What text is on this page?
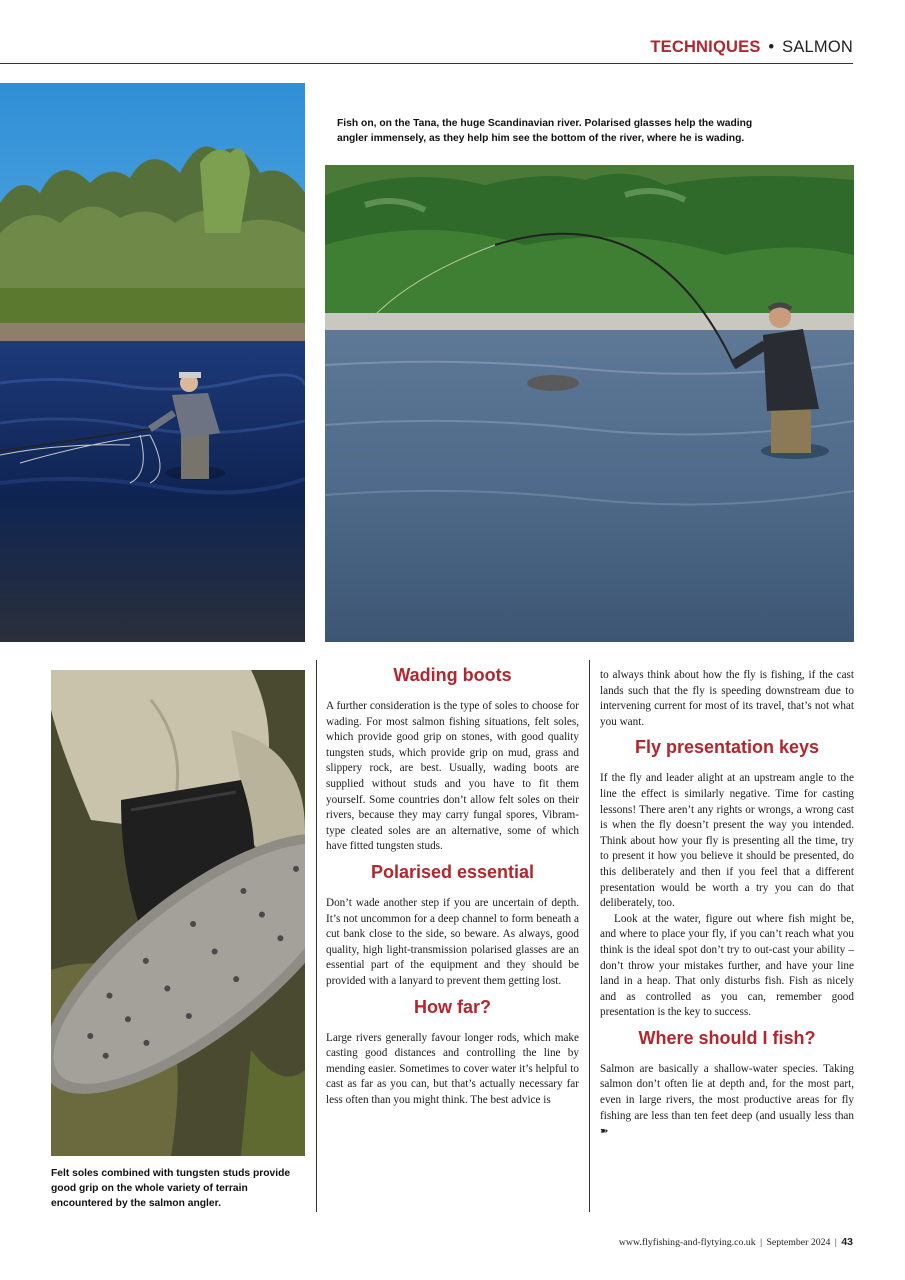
TECHNIQUES • SALMON
Fish on, on the Tana, the huge Scandinavian river. Polarised glasses help the wading angler immensely, as they help him see the bottom of the river, where he is wading.
Felt soles combined with tungsten studs provide good grip on the whole variety of terrain encountered by the salmon angler.
Wading boots

A further consideration is the type of soles to choose for wading. For most salmon fishing situations, felt soles, which provide good grip on stones, with good quality tungsten studs, which provide grip on mud, grass and slippery rock, are best. Usually, wading boots are supplied without studs and you have to fit them yourself. Some countries don’t allow felt soles on their rivers, because they may carry fungal spores, Vibram-type cleated soles are an alternative, some of which have fitted tungsten studs.

Polarised essential

Don’t wade another step if you are uncertain of depth. It’s not uncommon for a deep channel to form beneath a cut bank close to the side, so beware. As always, good quality, high light-transmission polarised glasses are an essential part of the equipment and they should be provided with a lanyard to prevent them getting lost.

How far?

Large rivers generally favour longer rods, which make casting good distances and controlling the line by mending easier. Sometimes to cover water it’s helpful to cast as far as you can, but that’s actually necessary far less often than you might think. The best advice is

to always think about how the fly is fishing, if the cast lands such that the fly is speeding downstream due to intervening current for most of its travel, that’s not what you want.

Fly presentation keys

If the fly and leader alight at an upstream angle to the line the effect is similarly negative. Time for casting lessons! There aren’t any rights or wrongs, a wrong cast is when the fly doesn’t present the way you intended. Think about how your fly is presenting all the time, try to present it how you believe it should be presented, do this deliberately and then if you feel that a different presentation would be worth a try you can do that deliberately, too.

Look at the water, figure out where fish might be, and where to place your fly, if you can’t reach what you think is the ideal spot don’t try to out-cast your ability – don’t throw your mistakes further, and have your line land in a heap. That only disturbs fish. Fish as nicely and as controlled as you can, remember good presentation is the key to success.

Where should I fish?

Salmon are basically a shallow-water species. Taking salmon don’t often lie at depth and, for the most part, even in large rivers, the most productive areas for fly fishing are less than ten feet deep (and usually less than ➽

www.flyfishing-and-flytying.co.uk | September 2024 | 43
